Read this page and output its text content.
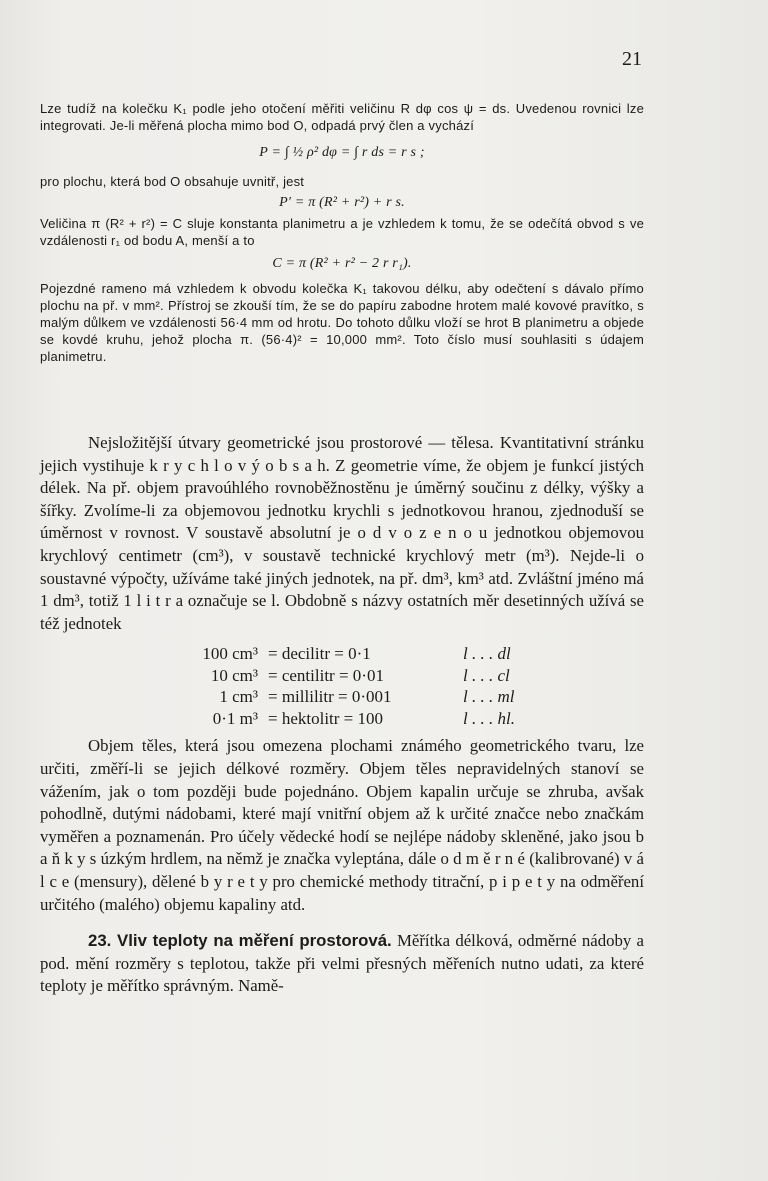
21

Lze tudíž na kolečku K₁ podle jeho otočení měřiti veličinu R dφ cos ψ = ds. Uvedenou rovnici lze integrovati. Je-li měřená plocha mimo bod O, odpadá prvý člen a vychází

P = ∫ ½ ρ² dφ = ∫ r ds = r s ;

pro plochu, která bod O obsahuje uvnitř, jest

P′ = π (R² + r²) + r s.

Veličina π (R² + r²) = C sluje konstanta planimetru a je vzhledem k tomu, že se odečítá obvod s ve vzdálenosti r₁ od bodu A, menší a to

C = π (R² + r² − 2 r r₁).

Pojezdné rameno má vzhledem k obvodu kolečka K₁ takovou délku, aby odečtení s dávalo přímo plochu na př. v mm². Přístroj se zkouší tím, že se do papíru zabodne hrotem malé kovové pravítko, s malým důlkem ve vzdálenosti 56·4 mm od hrotu. Do tohoto důlku vloží se hrot B planimetru a objede se kovdé kruhu, jehož plocha π. (56·4)² = 10,000 mm². Toto číslo musí souhlasiti s údajem planimetru.

Nejsložitější útvary geometrické jsou prostorové — tělesa. Kvantitativní stránku jejich vystihuje k r y c h l o v ý o b s a h. Z geometrie víme, že objem je funkcí jistých délek. Na př. objem pravoúhlého rovnoběžnostěnu je úměrný součinu z délky, výšky a šířky. Zvolíme-li za objemovou jednotku krychli s jednotkovou hranou, zjednoduší se úměrnost v rovnost. V soustavě absolutní je o d v o z e n o u jednotkou objemovou krychlový centimetr (cm³), v soustavě technické krychlový metr (m³). Nejde-li o soustavné výpočty, užíváme také jiných jednotek, na př. dm³, km³ atd. Zvláštní jméno má 1 dm³, totiž 1 l i t r a označuje se l. Obdobně s názvy ostatních měr desetinných užívá se též jednotek

100 cm³ = decilitr = 0·1	l . . . dl
10 cm³ = centilitr = 0·01	l . . . cl
1 cm³ = millilitr = 0·001	l . . . ml
0·1 m³ = hektolitr = 100	l . . . hl.

Objem těles, která jsou omezena plochami známého geometrického tvaru, lze určiti, změří-li se jejich délkové rozměry. Objem těles nepravidelných stanoví se vážením, jak o tom později bude pojednáno. Objem kapalin určuje se zhruba, avšak pohodlně, dutými nádobami, které mají vnitřní objem až k určité značce nebo značkám vyměřen a poznamenán. Pro účely vědecké hodí se nejlépe nádoby skleněné, jako jsou b a ň k y s úzkým hrdlem, na němž je značka vyleptána, dále o d m ě r n é (kalibrované) v á l c e (mensury), dělené b y r e t y pro chemické methody titrační, p i p e t y na odměření určitého (malého) objemu kapaliny atd.

23. Vliv teploty na měření prostorová. Měřítka délková, odměrné nádoby a pod. mění rozměry s teplotou, takže při velmi přesných měřeních nutno udati, za které teploty je měřítko správným. Namě-
